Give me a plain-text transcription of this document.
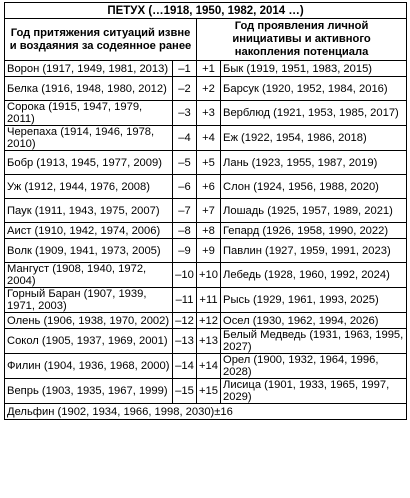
ПЕТУХ (…1918, 1950, 1982, 2014 …)			
Год притяжения ситуаций извне и воздаяния за содеянное ранее		Год проявления личной инициативы и активного накопления потенциала	
Ворон (1917, 1949, 1981, 2013)	–1	+1	Бык (1919, 1951, 1983, 2015)
Белка (1916, 1948, 1980, 2012)	–2	+2	Барсук (1920, 1952, 1984, 2016)
Сорока (1915, 1947, 1979, 2011)	–3	+3	Верблюд (1921, 1953, 1985, 2017)
Черепаха (1914, 1946, 1978, 2010)	–4	+4	Еж (1922, 1954, 1986, 2018)
Бобр (1913, 1945, 1977, 2009)	–5	+5	Лань (1923, 1955, 1987, 2019)
Уж (1912, 1944, 1976, 2008)	–6	+6	Слон (1924, 1956, 1988, 2020)
Паук (1911, 1943, 1975, 2007)	–7	+7	Лошадь (1925, 1957, 1989, 2021)
Аист (1910, 1942, 1974, 2006)	–8	+8	Гепард (1926, 1958, 1990, 2022)
Волк (1909, 1941, 1973, 2005)	–9	+9	Павлин (1927, 1959, 1991, 2023)
Мангуст (1908, 1940, 1972, 2004)	–10	+10	Лебедь (1928, 1960, 1992, 2024)
Горный Баран (1907, 1939, 1971, 2003)	–11	+11	Рысь (1929, 1961, 1993, 2025)
Олень (1906, 1938, 1970, 2002)	–12	+12	Осел (1930, 1962, 1994, 2026)
Сокол (1905, 1937, 1969, 2001)	–13	+13	Белый Медведь (1931, 1963, 1995, 2027)
Филин (1904, 1936, 1968, 2000)	–14	+14	Орел (1900, 1932, 1964, 1996, 2028)
Вепрь (1903, 1935, 1967, 1999)	–15	+15	Лисица (1901, 1933, 1965, 1997, 2029)
Дельфин (1902, 1934, 1966, 1998, 2030)±16			
